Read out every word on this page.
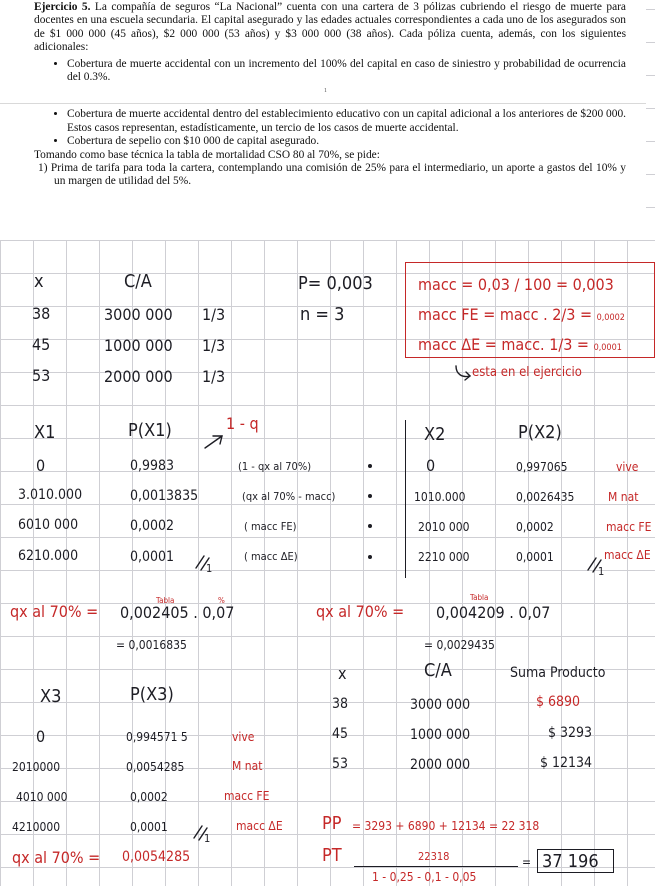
Ejercicio 5. La compañía de seguros “La Nacional” cuenta con una cartera de 3 pólizas cubriendo el riesgo de muerte para docentes en una escuela secundaria. El capital asegurado y las edades actuales correspondientes a cada uno de los asegurados son de $1 000 000 (45 años), $2 000 000 (53 años) y $3 000 000 (38 años). Cada póliza cuenta, además, con los siguientes adicionales:

• Cobertura de muerte accidental con un incremento del 100% del capital en caso de siniestro y probabilidad de ocurrencia del 0.3%.
1
• Cobertura de muerte accidental dentro del establecimiento educativo con un capital adicional a los anteriores de $200 000. Estos casos representan, estadísticamente, un tercio de los casos de muerte accidental.
• Cobertura de sepelio con $10 000 de capital asegurado.

Tomando como base técnica la tabla de mortalidad CSO 80 al 70%, se pide:

1) Prima de tarifa para toda la cartera, contemplando una comisión de 25% para el intermediario, un aporte a gastos del 10% y un margen de utilidad del 5%.

x	C/A
38	3000 000 1/3
45	1000 000 1/3
53	2000 000 1/3
P= 0,003
n = 3
macc = 0,03 / 100 = 0,003
macc FE = macc . 2/3 = 0,0002
macc ΔE = macc. 1/3 = 0,0001
esta en el ejercicio
X1	P(X1)	1 - q
0	0,9983	(1 - qx al 70%)
3.010.000	0,0013835	(qx al 70% - macc)
6010 000	0,0002	( macc FE)
6210.000	0,0001	( macc ΔE)
1
X2	P(X2)
0	0,997065	vive
1010.000	0,0026435	M nat
2010 000	0,0002	macc FE
2210 000	0,0001	macc ΔE
1
Tabla	%
qx al 70% = 0,002405 . 0,07
= 0,0016835
Tabla
qx al 70% = 0,004209 . 0,07
= 0,0029435
x	C/A	Suma Producto
38	3000 000	$ 6890
45	1000 000	$ 3293
53	2000 000	$ 12134
X3	P(X3)
0	0,994571 5	vive
2010000	0,0054285	M nat
4010 000	0,0002	macc FE
4210000	0,0001	macc ΔE
1
qx al 70% = 0,0054285
PP = 3293 + 6890 + 12134 = 22 318
PT	22318
1 - 0,25 - 0,1 - 0,05
= 37 196
